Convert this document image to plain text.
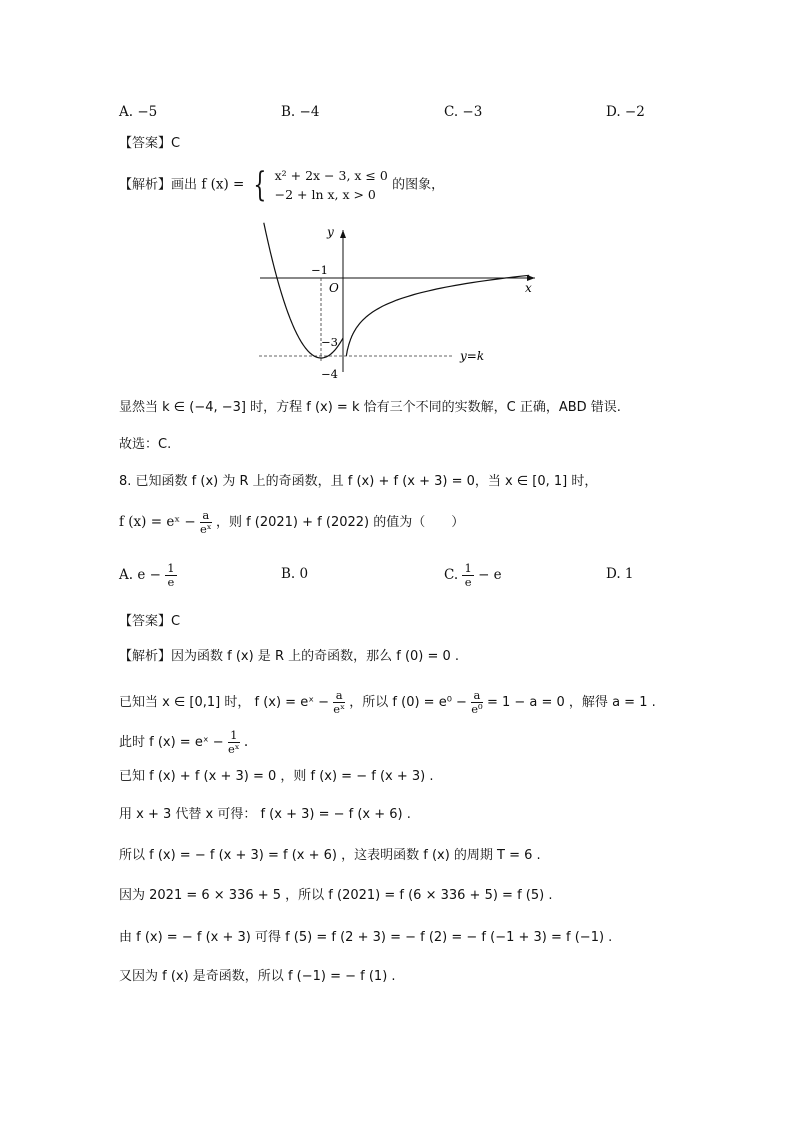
A. −5	B. −4	C. −3	D. −2
【答案】C
【解析】画出 f (x) = { x² + 2x − 3, x ≤ 0
−2 + ln x, x > 0
的图象，
y
x
O
−1
−3
−4
y=k
显然当 k ∈ (−4, −3] 时，方程 f (x) = k 恰有三个不同的实数解，C 正确，ABD 错误.
故选：C.
8. 已知函数 f (x) 为 R 上的奇函数，且 f (x) + f (x + 3) = 0，当 x ∈ [0, 1] 时，
f (x) = eˣ − $\frac{a}{\text{eˣ}}$ ，则 f (2021) + f (2022) 的值为（　　）
A. $e - \frac{1}{e}$	B. 0	C. $\frac{1}{e} - e$	D. 1
【答案】C
【解析】因为函数 f (x) 是 R 上的奇函数，那么 f (0) = 0 .
已知当 x ∈ [0,1] 时， f (x) = eˣ − $\frac{a}{\text{eˣ}}$ ，所以 f $(0) = e^0 - \frac{a}{\text{e⁰}} = 1 - a = 0$ ，解得 a = 1 .
此时 f (x) = eˣ − $\frac{1}{\text{eˣ}}$ .
已知 f (x) + f (x + 3) = 0 ，则 f (x) = − f (x + 3) .
用 x + 3 代替 x 可得： f (x + 3) = − f (x + 6) .
所以 f (x) = − f (x + 3) = f (x + 6) ，这表明函数 f (x) 的周期 T = 6 .
因为 2021 = 6 × 336 + 5 ，所以 f (2021) = f (6 × 336 + 5) = f (5) .
由 f (x) = − f (x + 3) 可得 f (5) = f (2 + 3) = − f (2) = − f (−1 + 3) = f (−1) .
又因为 f (x) 是奇函数，所以 f (−1) = − f (1) .
